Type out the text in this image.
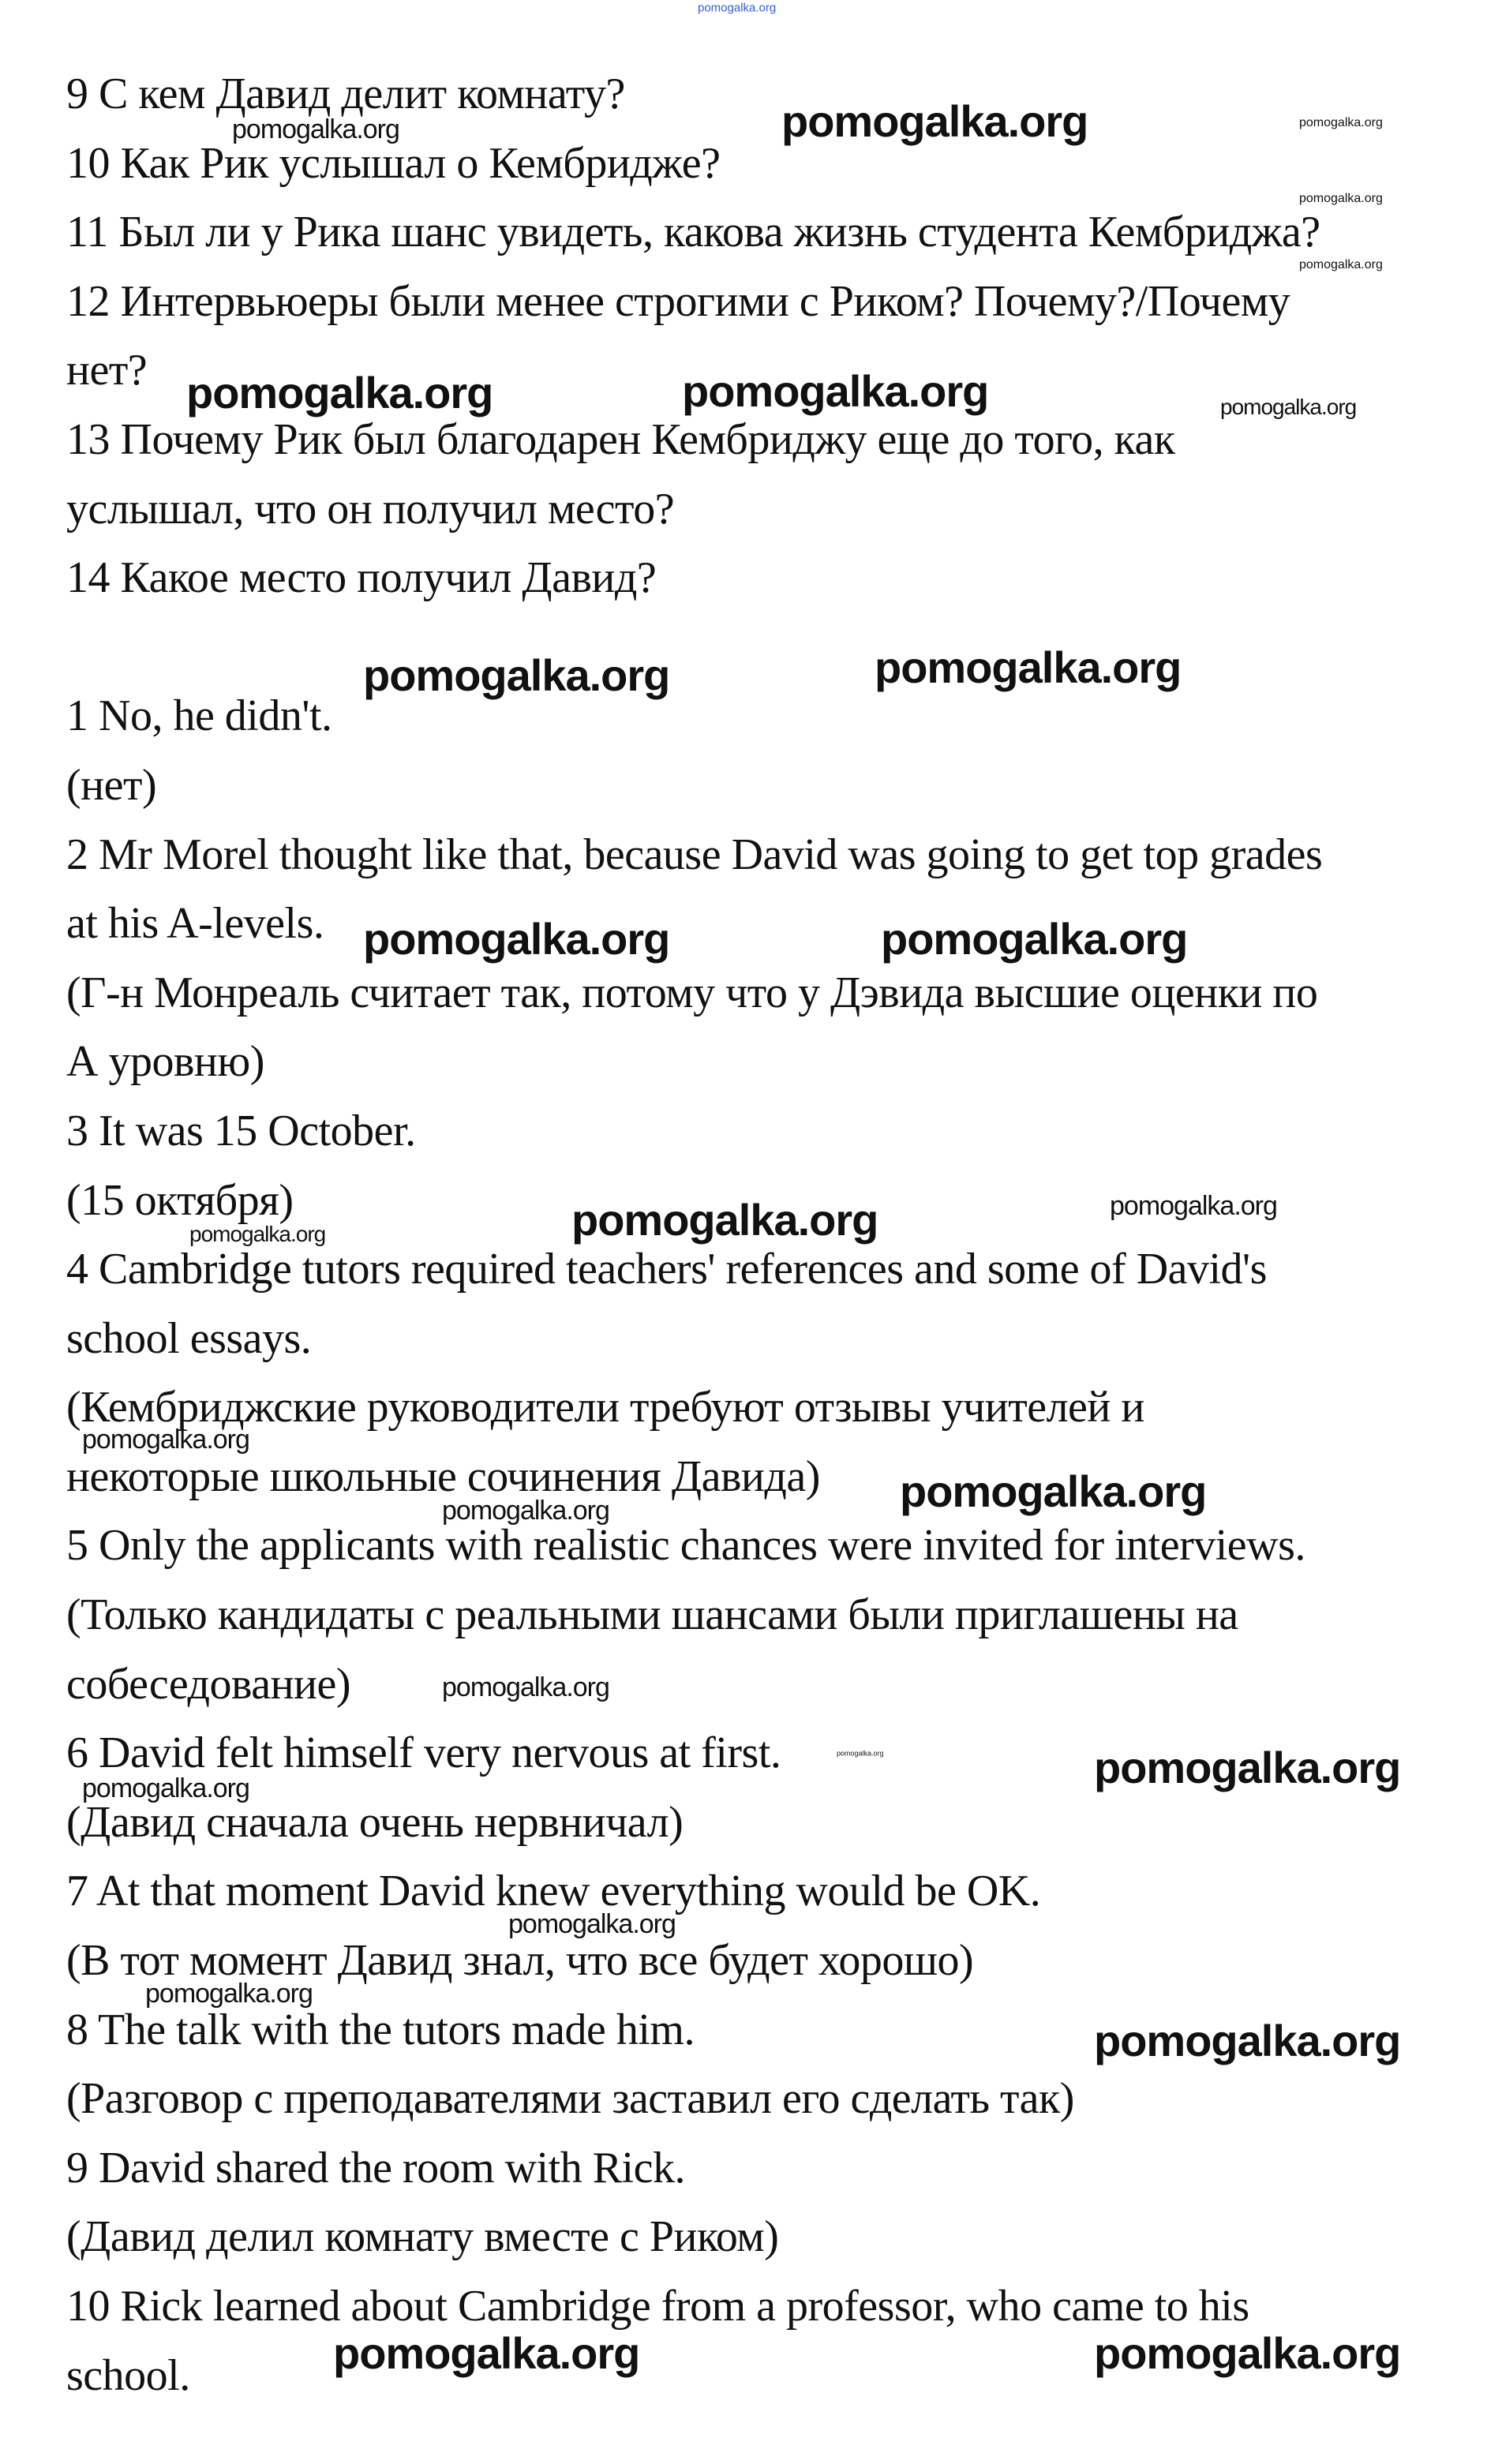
9 С кем Давид делит комнату?
10 Как Рик услышал о Кембридже?
11 Был ли у Рика шанс увидеть, какова жизнь студента Кембриджа?
12 Интервьюеры были менее строгими с Риком? Почему?/Почему
нет?
13 Почему Рик был благодарен Кембриджу еще до того, как
услышал, что он получил место?
14 Какое место получил Давид?
1 No, he didn't.
(нет)
2 Mr Morel thought like that, because David was going to get top grades
at his A-levels.
(Г-н Монреаль считает так, потому что у Дэвида высшие оценки по
А уровню)
3 It was 15 October.
(15 октября)
4 Cambridge tutors required teachers' references and some of David's
school essays.
(Кембриджские руководители требуют отзывы учителей и
некоторые школьные сочинения Давида)
5 Only the applicants with realistic chances were invited for interviews.
(Только кандидаты с реальными шансами были приглашены на
собеседование)
6 David felt himself very nervous at first.
(Давид сначала очень нервничал)
7 At that moment David knew everything would be OK.
(В тот момент Давид знал, что все будет хорошо)
8 The talk with the tutors made him.
(Разговор с преподавателями заставил его сделать так)
9 David shared the room with Rick.
(Давид делил комнату вместе с Риком)
10 Rick learned about Cambridge from a professor, who came to his
school.
pomogalka.org
pomogalka.org	pomogalka.org	pomogalka.org
pomogalka.org
pomogalka.org
pomogalka.org	pomogalka.org	pomogalka.org
pomogalka.org	pomogalka.org
pomogalka.org	pomogalka.org
pomogalka.org	pomogalka.org	pomogalka.org
pomogalka.org
pomogalka.org	pomogalka.org
pomogalka.org
pomogalka.org	pomogalka.org
pomogalka.org
pomogalka.org
pomogalka.org
pomogalka.org
pomogalka.org	pomogalka.org
